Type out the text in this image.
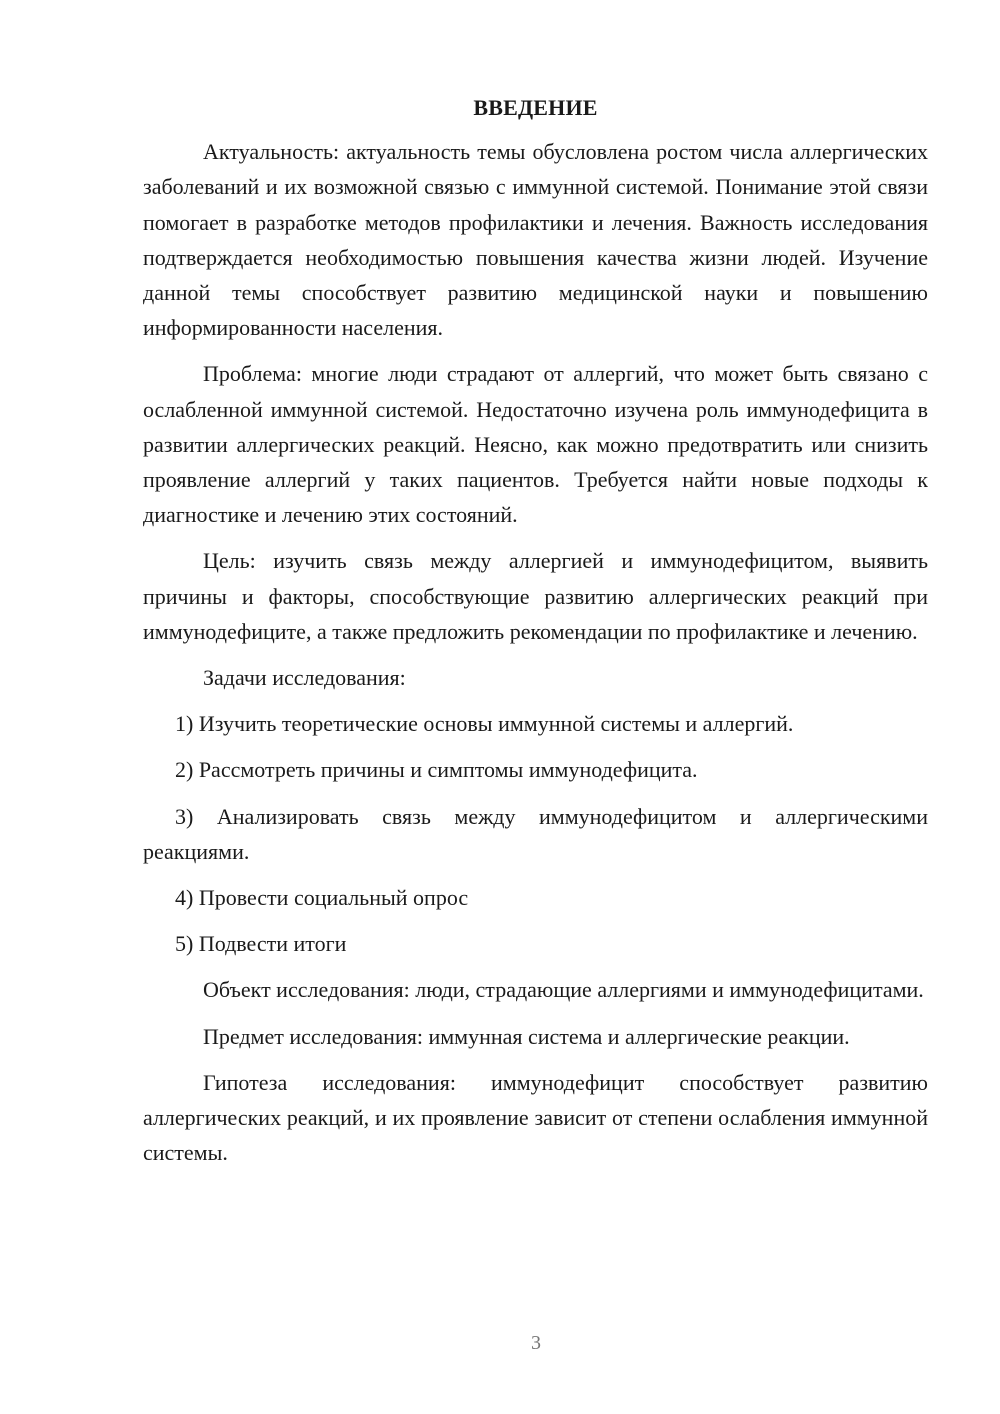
ВВЕДЕНИЕ

Актуальность: актуальность темы обусловлена ростом числа аллергических заболеваний и их возможной связью с иммунной системой. Понимание этой связи помогает в разработке методов профилактики и лечения. Важность исследования подтверждается необходимостью повышения качества жизни людей. Изучение данной темы способствует развитию медицинской науки и повышению информированности населения.

Проблема: многие люди страдают от аллергий, что может быть связано с ослабленной иммунной системой. Недостаточно изучена роль иммунодефицита в развитии аллергических реакций. Неясно, как можно предотвратить или снизить проявление аллергий у таких пациентов. Требуется найти новые подходы к диагностике и лечению этих состояний.

Цель: изучить связь между аллергией и иммунодефицитом, выявить причины и факторы, способствующие развитию аллергических реакций при иммунодефиците, а также предложить рекомендации по профилактике и лечению.

Задачи исследования:

1) Изучить теоретические основы иммунной системы и аллергий.

2) Рассмотреть причины и симптомы иммунодефицита.

3) Анализировать связь между иммунодефицитом и аллергическими реакциями.

4) Провести социальный опрос

5) Подвести итоги

Объект исследования: люди, страдающие аллергиями и иммунодефицитами.

Предмет исследования: иммунная система и аллергические реакции.

Гипотеза исследования: иммунодефицит способствует развитию аллергических реакций, и их проявление зависит от степени ослабления иммунной системы.

3
